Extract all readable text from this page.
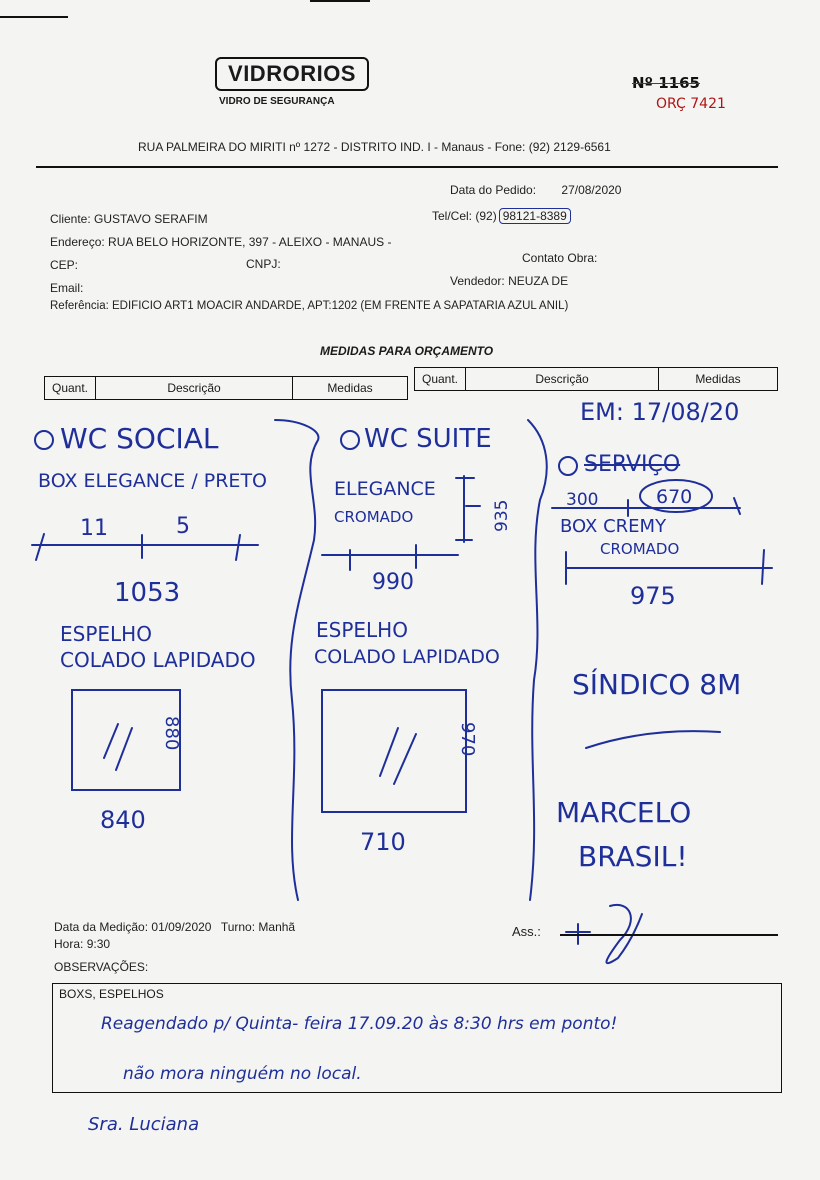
VIDRORIOS
VIDRO DE SEGURANÇA
Nº 1165
ORÇ 7421
RUA PALMEIRA DO MIRITI nº 1272 - DISTRITO IND. I - Manaus - Fone: (92) 2129-6561
Data do Pedido: 27/08/2020
Cliente: GUSTAVO SERAFIM	Tel/Cel: (92) 98121-8389
Endereço: RUA BELO HORIZONTE, 397 - ALEIXO - MANAUS -
CEP:	CNPJ:	Contato Obra:
Email:	Vendedor: NEUZA DE
Referência: EDIFICIO ART1 MOACIR ANDARDE, APT:1202 (EM FRENTE A SAPATARIA AZUL ANIL)
MEDIDAS PARA ORÇAMENTO
Quant.	Descrição	Medidas
Quant.	Descrição	Medidas
WC SOCIAL
BOX ELEGANCE / PRETO
11	5
1053
ESPELHO
COLADO LAPIDADO
880
840
WC SUITE
ELEGANCE
CROMADO	935
990
ESPELHO
COLADO LAPIDADO
970
710
EM: 17/08/20
SERVIÇO
300	670
BOX CREMY
CROMADO
975
SÍNDICO 8M
MARCELO
BRASIL!
Data da Medição: 01/09/2020 Turno: Manhã
Hora: 9:30
Ass.:
OBSERVAÇÕES:
BOXS, ESPELHOS
Reagendado p/ Quinta- feira 17.09.20 às 8:30 hrs em ponto!
não mora ninguém no local.
Sra. Luciana
